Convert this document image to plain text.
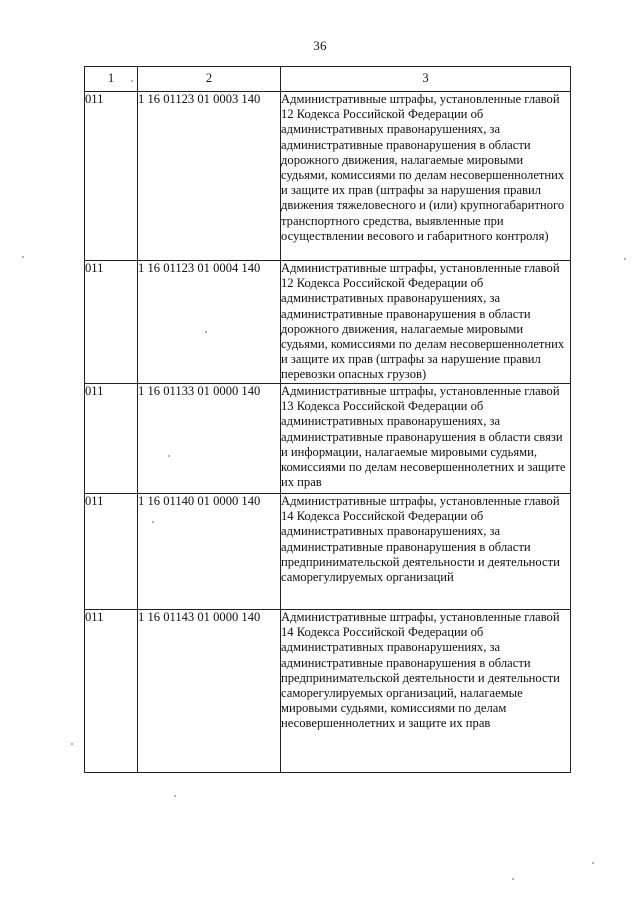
36
1	2	3
011	1 16 01123 01 0003 140	Административные штрафы, установленные главой 12 Кодекса Российской Федерации об административных правонарушениях, за административные правонарушения в области дорожного движения, налагаемые мировыми судьями, комиссиями по делам несовершеннолетних и защите их прав (штрафы за нарушения правил движения тяжеловесного и (или) крупногабаритного транспортного средства, выявленные при осуществлении весового и габаритного контроля)
011	1 16 01123 01 0004 140	Административные штрафы, установленные главой 12 Кодекса Российской Федерации об административных правонарушениях, за административные правонарушения в области дорожного движения, налагаемые мировыми судьями, комиссиями по делам несовершеннолетних и защите их прав (штрафы за нарушение правил перевозки опасных грузов)
011	1 16 01133 01 0000 140	Административные штрафы, установленные главой 13 Кодекса Российской Федерации об административных правонарушениях, за административные правонарушения в области связи и информации, налагаемые мировыми судьями, комиссиями по делам несовершеннолетних и защите их прав
011	1 16 01140 01 0000 140	Административные штрафы, установленные главой 14 Кодекса Российской Федерации об административных правонарушениях, за административные правонарушения в области предпринимательской деятельности и деятельности саморегулируемых организаций
011	1 16 01143 01 0000 140	Административные штрафы, установленные главой 14 Кодекса Российской Федерации об административных правонарушениях, за административные правонарушения в области предпринимательской деятельности и деятельности саморегулируемых организаций, налагаемые мировыми судьями, комиссиями по делам несовершеннолетних и защите их прав
